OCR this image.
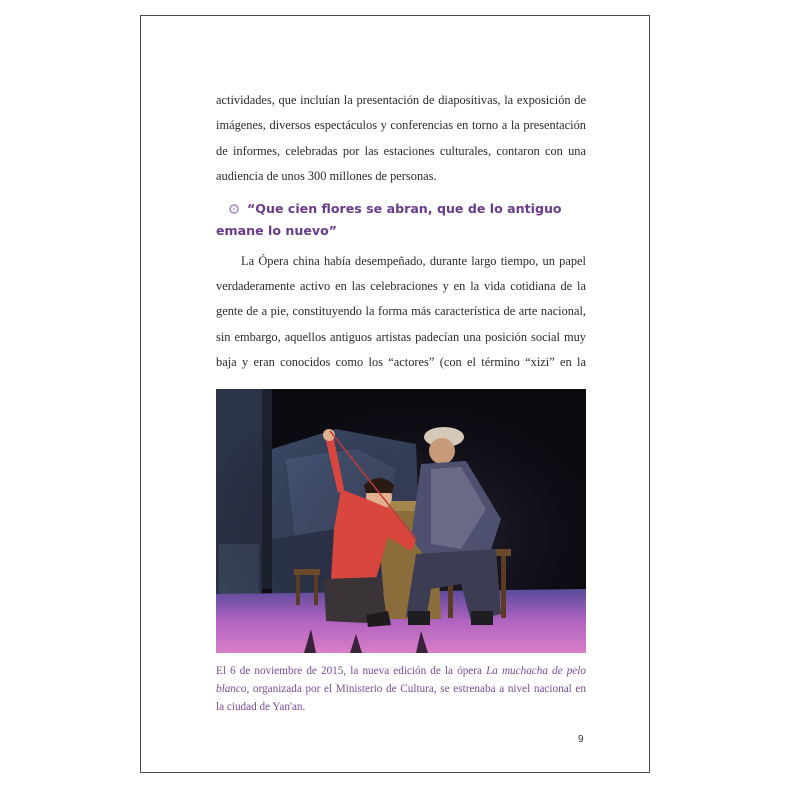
actividades, que incluían la presentación de diapositivas, la exposición de imágenes, diversos espectáculos y conferencias en torno a la presentación de informes, celebradas por las estaciones culturales, contaron con una audiencia de unos 300 millones de personas.

“Que cien flores se abran, que de lo antiguo emane lo nuevo”

La Ópera china había desempeñado, durante largo tiempo, un papel verdaderamente activo en las celebraciones y en la vida cotidiana de la gente de a pie, constituyendo la forma más característica de arte nacional, sin embargo, aquellos antiguos artistas padecían una posición social muy baja y eran conocidos como los “actores” (con el término “xizi” en la

El 6 de noviembre de 2015, la nueva edición de la ópera La muchacha de pelo blanco, organizada por el Ministerio de Cultura, se estrenaba a nivel nacional en la ciudad de Yan'an.

9
